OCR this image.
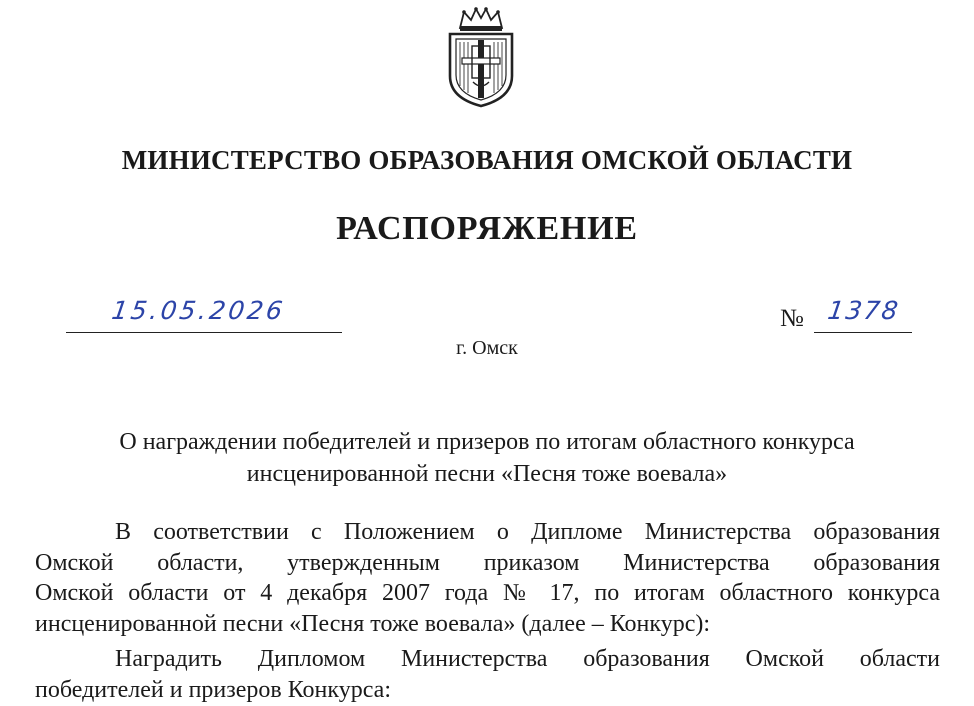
МИНИСТЕРСТВО ОБРАЗОВАНИЯ ОМСКОЙ ОБЛАСТИ
РАСПОРЯЖЕНИЕ
15.05.2026	№ 1378
г. Омск
О награждении победителей и призеров по итогам областного конкурса
инсценированной песни «Песня тоже воевала»
В соответствии с Положением о Дипломе Министерства образования
Омской области, утвержденным приказом Министерства образования
Омской области от 4 декабря 2007 года № 17, по итогам областного конкурса
инсценированной песни «Песня тоже воевала» (далее – Конкурс):
Наградить Дипломом Министерства образования Омской области
победителей и призеров Конкурса:
